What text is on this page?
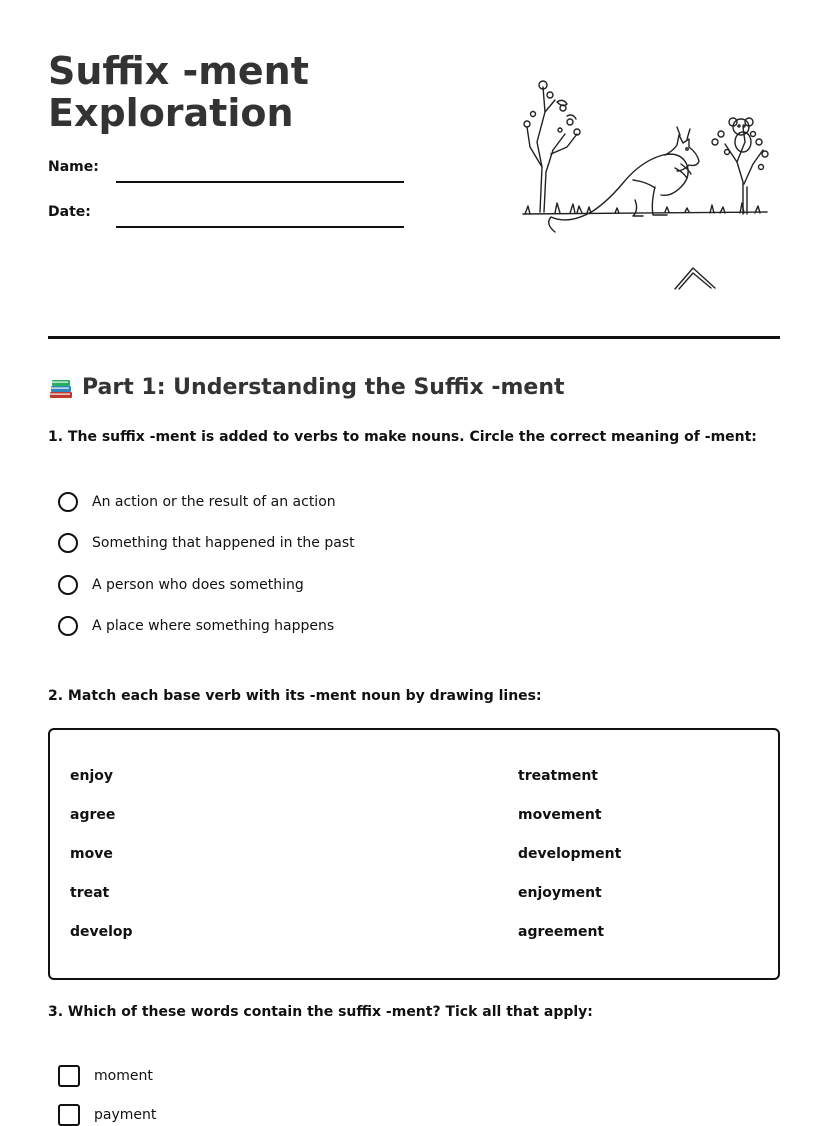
Suffix -ment Exploration
Name:
Date:
Part 1: Understanding the Suffix -ment
1. The suffix -ment is added to verbs to make nouns. Circle the correct meaning of -ment:
An action or the result of an action
Something that happened in the past
A person who does something
A place where something happens
2. Match each base verb with its -ment noun by drawing lines:
enjoy
agree
move
treat
develop
treatment
movement
development
enjoyment
agreement
3. Which of these words contain the suffix -ment? Tick all that apply:
moment
payment
